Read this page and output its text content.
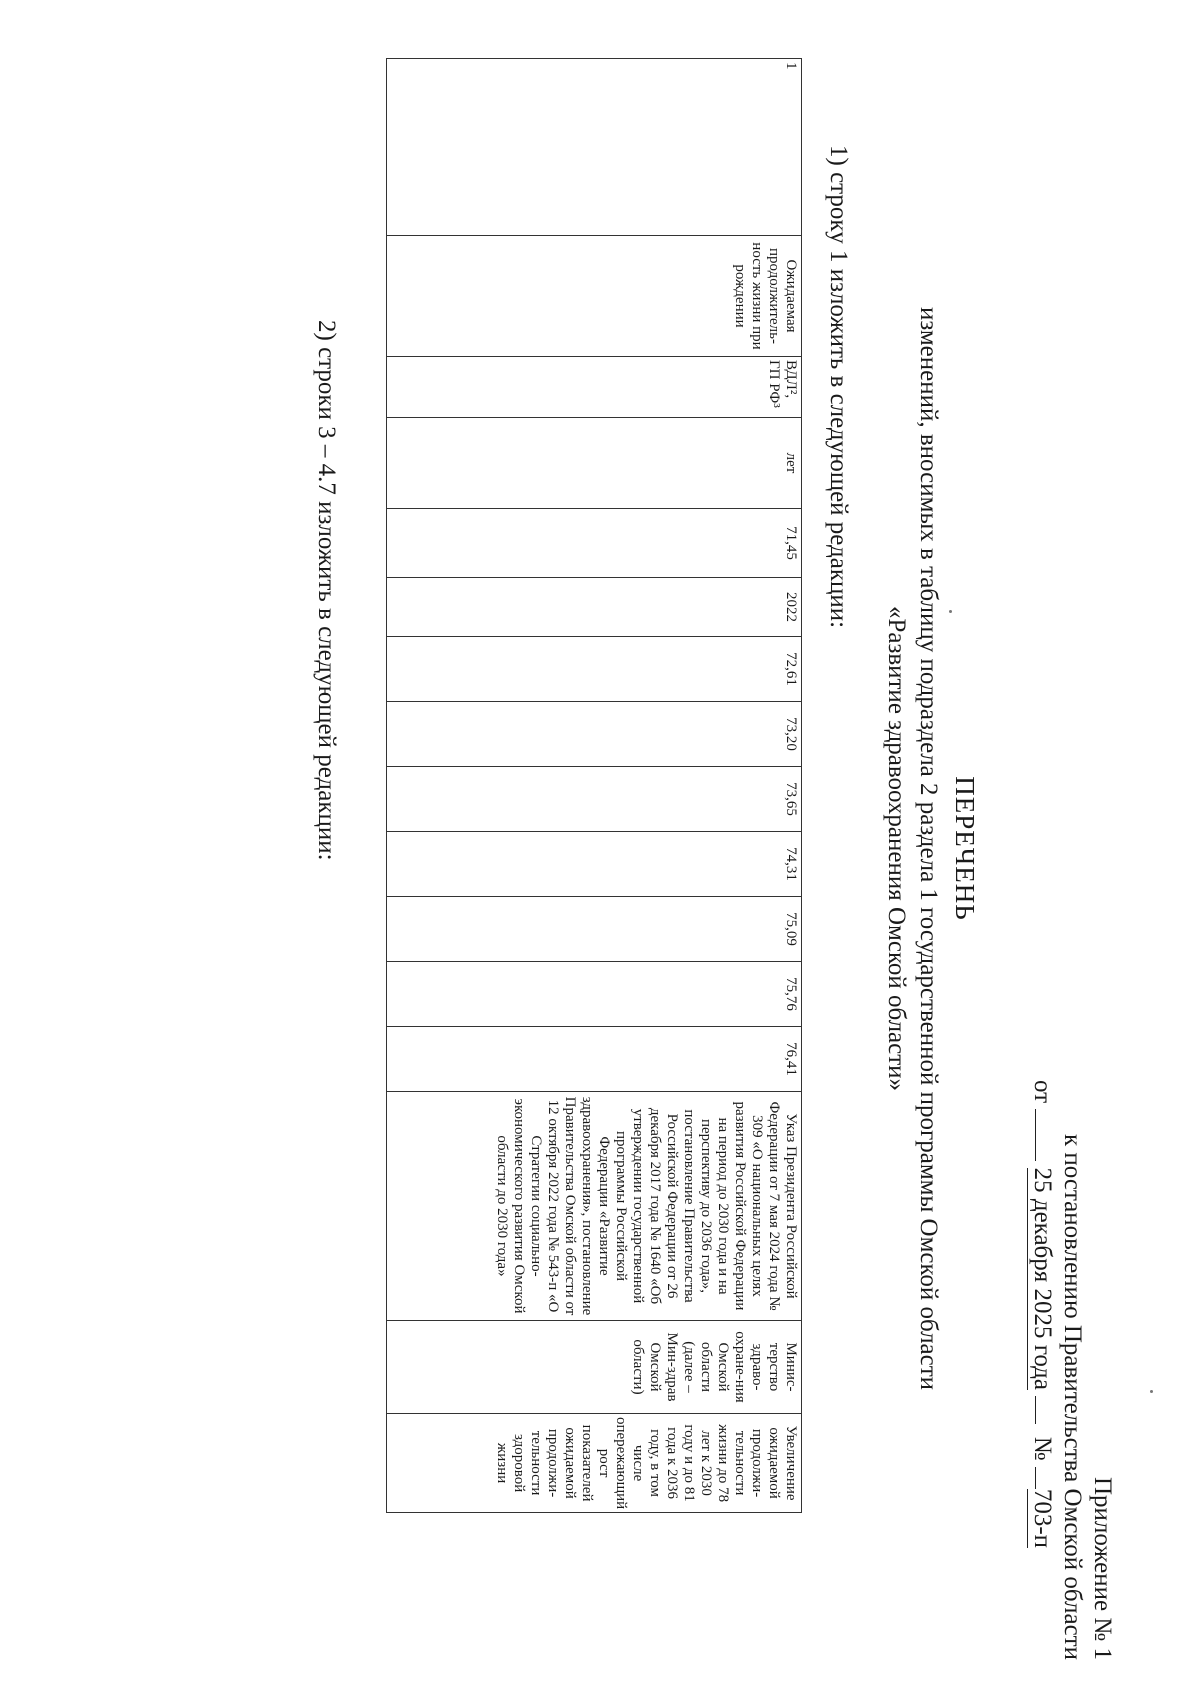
Приложение № 1
к постановлению Правительства Омской области
от  25 декабря 2025 года   № 703-п
ПЕРЕЧЕНЬ
изменений, вносимых в таблицу подраздела 2 раздела 1 государственной программы Омской области
«Развитие здравоохранения Омской области»
1) строку 1 изложить в следующей редакции:
1	Ожидаемая продолжитель-ность жизни при рождении	ВДЛ², ГП РФ³	лет	71,45	2022	72,61	73,20	73,65	74,31	75,09	75,76	76,41	Указ Президента Российской Федерации от 7 мая 2024 года № 309 «О национальных целях развития Российской Федерации на период до 2030 года и на перспективу до 2036 года», постановление Правительства Российской Федерации от 26 декабря 2017 года № 1640 «Об утверждении государственной программы Российской Федерации «Развитие здравоохранения», постановление Правительства Омской области от 12 октября 2022 года № 543-п «О Стратегии социально-экономического развития Омской области до 2030 года»	Минис-терство здраво-охране-ния Омской области (далее – Мин-здрав Омской области)	Увеличение ожидаемой продолжи-тельности жизни до 78 лет к 2030 году и до 81 года к 2036 году, в том числе опережающий рост показателей ожидаемой продолжи-тельности здоровой жизни
2) строки 3 – 4.7 изложить в следующей редакции:
